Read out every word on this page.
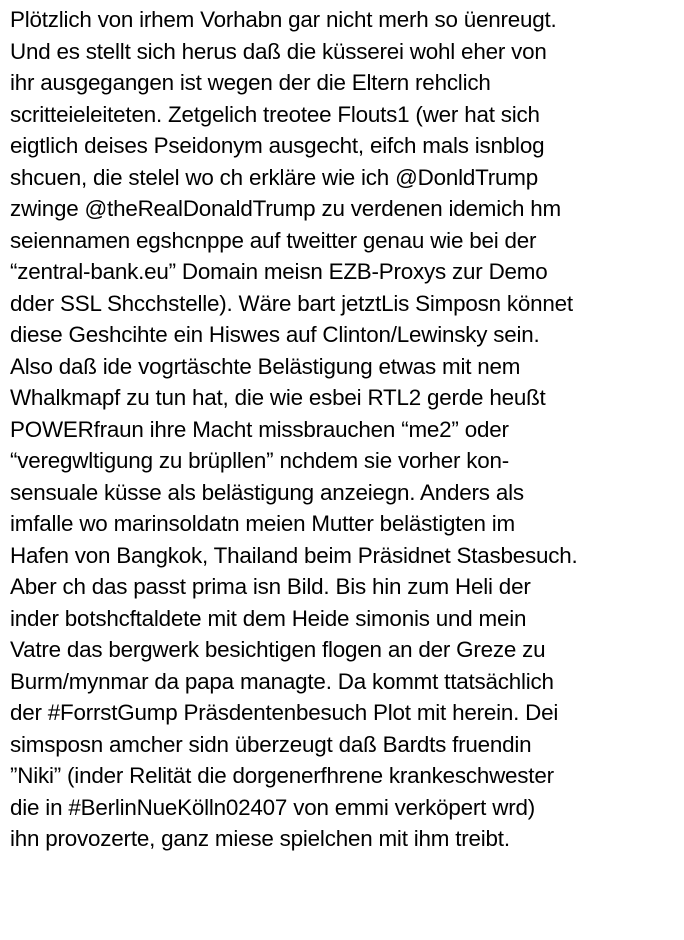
Plötzlich von irhem Vorhabn gar nicht merh so üenreugt.
Und es stellt sich herus daß die küsserei wohl eher von
ihr ausgegangen ist wegen der die Eltern rehclich
scritteieleiteten. Zetgelich treotee Flouts1 (wer hat sich
eigtlich deises Pseidonym ausgecht, eifch mals isnblog
shcuen, die stelel wo ch erkläre wie ich @DonldTrump
zwinge @theRealDonaldTrump zu verdenen idemich hm
seiennamen egshcnppe auf tweitter genau wie bei der
“zentral-bank.eu” Domain meisn EZB-Proxys zur Demo
dder SSL Shcchstelle). Wäre bart jetztLis Simposn könnet
diese Geshcihte ein Hiswes auf Clinton/Lewinsky sein.
Also daß ide vogrtäschte Belästigung etwas mit nem
Whalkmapf zu tun hat, die wie esbei RTL2 gerde heußt
POWERfraun ihre Macht missbrauchen “me2” oder
“veregwltigung zu brüpllen” nchdem sie vorher kon-
sensuale küsse als belästigung anzeiegn. Anders als
imfalle wo marinsoldatn meien Mutter belästigten im
Hafen von Bangkok, Thailand beim Präsidnet Stasbesuch.
Aber ch das passt prima isn Bild. Bis hin zum Heli der
inder botshcftaldete mit dem Heide simonis und mein
Vatre das bergwerk besichtigen flogen an der Greze zu
Burm/mynmar da papa managte. Da kommt ttatsächlich
der #ForrstGump Präsdentenbesuch Plot mit herein. Dei
simsposn amcher sidn überzeugt daß Bardts fruendin
”Niki” (inder Relität die dorgenerfhrene krankeschwester
die in #BerlinNueKölln02407 von emmi verköpert wrd)
ihn provozerte, ganz miese spielchen mit ihm treibt.
